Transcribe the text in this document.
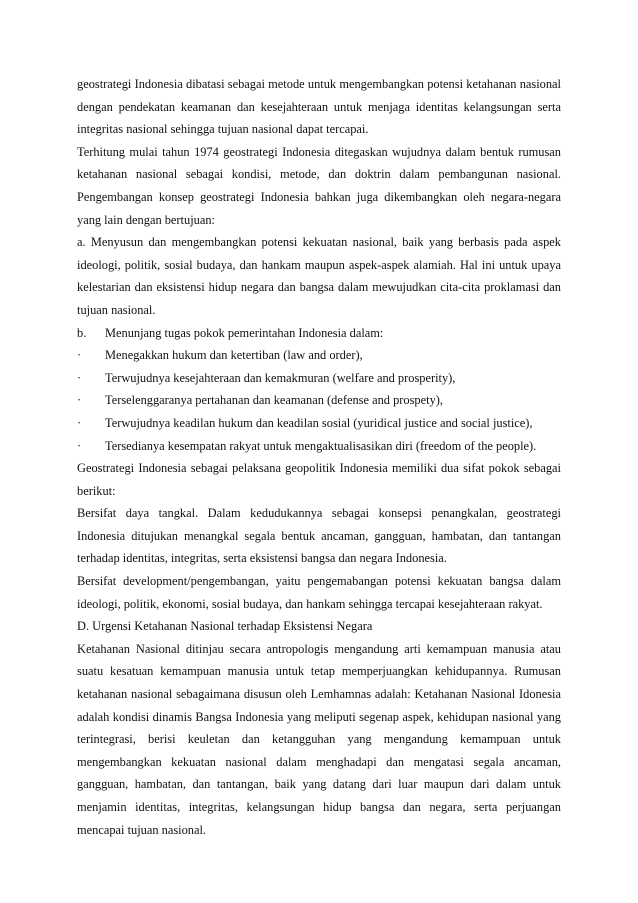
geostrategi Indonesia dibatasi sebagai metode untuk mengembangkan potensi ketahanan nasional dengan pendekatan keamanan dan kesejahteraan untuk menjaga identitas kelangsungan serta integritas nasional sehingga tujuan nasional dapat tercapai.

Terhitung mulai tahun 1974 geostrategi Indonesia ditegaskan wujudnya dalam bentuk rumusan ketahanan nasional sebagai kondisi, metode, dan doktrin dalam pembangunan nasional. Pengembangan konsep geostrategi Indonesia bahkan juga dikembangkan oleh negara-negara yang lain dengan bertujuan:

a. Menyusun dan mengembangkan potensi kekuatan nasional, baik yang berbasis pada aspek ideologi, politik, sosial budaya, dan hankam maupun aspek-aspek alamiah. Hal ini untuk upaya kelestarian dan eksistensi hidup negara dan bangsa dalam mewujudkan cita-cita proklamasi dan tujuan nasional.

b.	Menunjang tugas pokok pemerintahan Indonesia dalam:
·	Menegakkan hukum dan ketertiban (law and order),
·	Terwujudnya kesejahteraan dan kemakmuran (welfare and prosperity),
·	Terselenggaranya pertahanan dan keamanan (defense and prospety),
·	Terwujudnya keadilan hukum dan keadilan sosial (yuridical justice and social justice),
·	Tersedianya kesempatan rakyat untuk mengaktualisasikan diri (freedom of the people).

Geostrategi Indonesia sebagai pelaksana geopolitik Indonesia memiliki dua sifat pokok sebagai berikut:

Bersifat daya tangkal. Dalam kedudukannya sebagai konsepsi penangkalan, geostrategi Indonesia ditujukan menangkal segala bentuk ancaman, gangguan, hambatan, dan tantangan terhadap identitas, integritas, serta eksistensi bangsa dan negara Indonesia.

Bersifat development/pengembangan, yaitu pengemabangan potensi kekuatan bangsa dalam ideologi, politik, ekonomi, sosial budaya, dan hankam sehingga tercapai kesejahteraan rakyat.

D. Urgensi Ketahanan Nasional terhadap Eksistensi Negara

Ketahanan Nasional ditinjau secara antropologis mengandung arti kemampuan manusia atau suatu kesatuan kemampuan manusia untuk tetap memperjuangkan kehidupannya. Rumusan ketahanan nasional sebagaimana disusun oleh Lemhamnas adalah: Ketahanan Nasional Idonesia adalah kondisi dinamis Bangsa Indonesia yang meliputi segenap aspek, kehidupan nasional yang terintegrasi, berisi keuletan dan ketangguhan yang mengandung kemampuan untuk mengembangkan kekuatan nasional dalam menghadapi dan mengatasi segala ancaman, gangguan, hambatan, dan tantangan, baik yang datang dari luar maupun dari dalam untuk menjamin identitas, integritas, kelangsungan hidup bangsa dan negara, serta perjuangan mencapai tujuan nasional.
